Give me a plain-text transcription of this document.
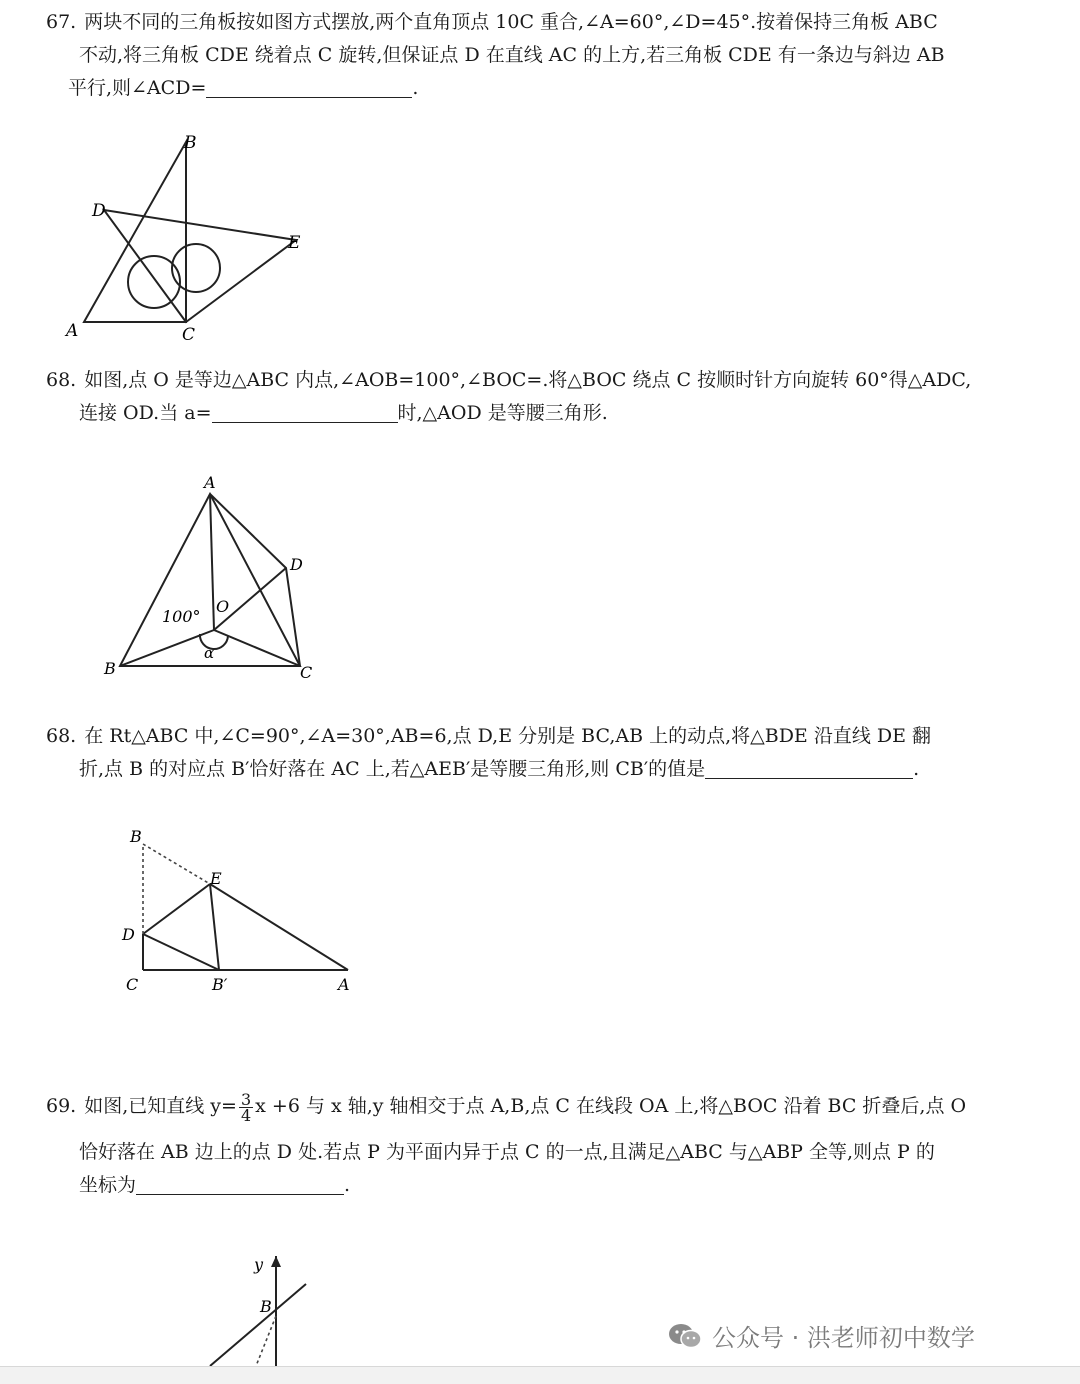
67. 两块不同的三角板按如图方式摆放,两个直角顶点 10C 重合,∠A=60°,∠D=45°.按着保持三角板 ABC
不动,将三角板 CDE 绕着点 C 旋转,但保证点 D 在直线 AC 的上方,若三角板 CDE 有一条边与斜边 AB
平行,则∠ACD=	.
B
D
E
A	C
68. 如图,点 O 是等边△ABC 内点,∠AOB=100°,∠BOC=.将△BOC 绕点 C 按顺时针方向旋转 60°得△ADC,
连接 OD.当 a=	时,△AOD 是等腰三角形.
A
D
O
100°
α
B	C
68. 在 Rt△ABC 中,∠C=90°,∠A=30°,AB=6,点 D,E 分别是 BC,AB 上的动点,将△BDE 沿直线 DE 翻
折,点 B 的对应点 B′恰好落在 AC 上,若△AEB′是等腰三角形,则 CB′的值是	.
B
E
D
C	B′	A
69. 如图,已知直线 $y= \frac{3}{4}$ x +6 与 x 轴,y 轴相交于点 A,B,点 C 在线段 OA 上,将△BOC 沿着 BC 折叠后,点 O
恰好落在 AB 边上的点 D 处.若点 P 为平面内异于点 C 的一点,且满足△ABC 与△ABP 全等,则点 P 的
坐标为	.
y
B
公众号 · 洪老师初中数学
